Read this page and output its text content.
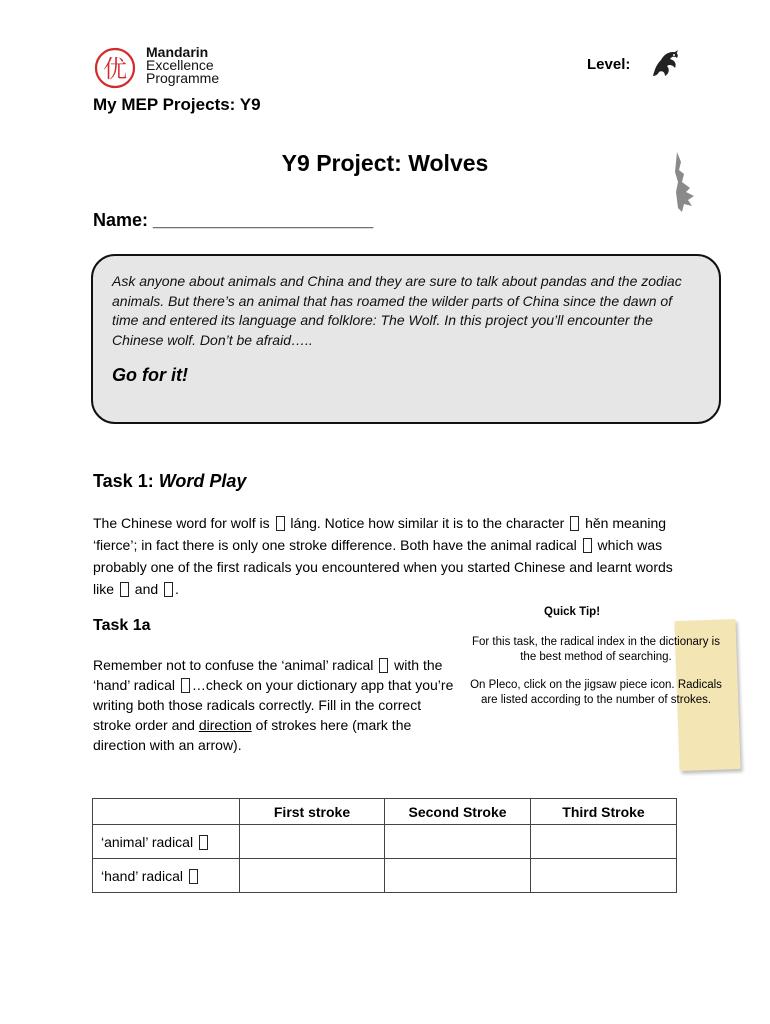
优
Mandarin
Excellence
Programme
Level:
My MEP Projects: Y9
Y9 Project: Wolves
Name: ______________________
Ask anyone about animals and China and they are sure to talk about pandas and the zodiac animals. But there’s an animal that has roamed the wilder parts of China since the dawn of time and entered its language and folklore: The Wolf. In this project you’ll encounter the Chinese wolf. Don’t be afraid…..
Go for it!
Task 1: Word Play
The Chinese word for wolf is  láng. Notice how similar it is to the character  hěn meaning ‘fierce’; in fact there is only one stroke difference. Both have the animal radical  which was probably one of the first radicals you encountered when you started Chinese and learnt words like  and .
Task 1a
Remember not to confuse the ‘animal’ radical  with the ‘hand’ radical …check on your dictionary app that you’re writing both those radicals correctly. Fill in the correct stroke order and direction of strokes here (mark the direction with an arrow).
Quick Tip!
For this task, the radical index in the dictionary is the best method of searching.
On Pleco, click on the jigsaw piece icon. Radicals are listed according to the number of strokes.
	First stroke	Second Stroke	Third Stroke
‘animal’ radical			
‘hand’ radical			
